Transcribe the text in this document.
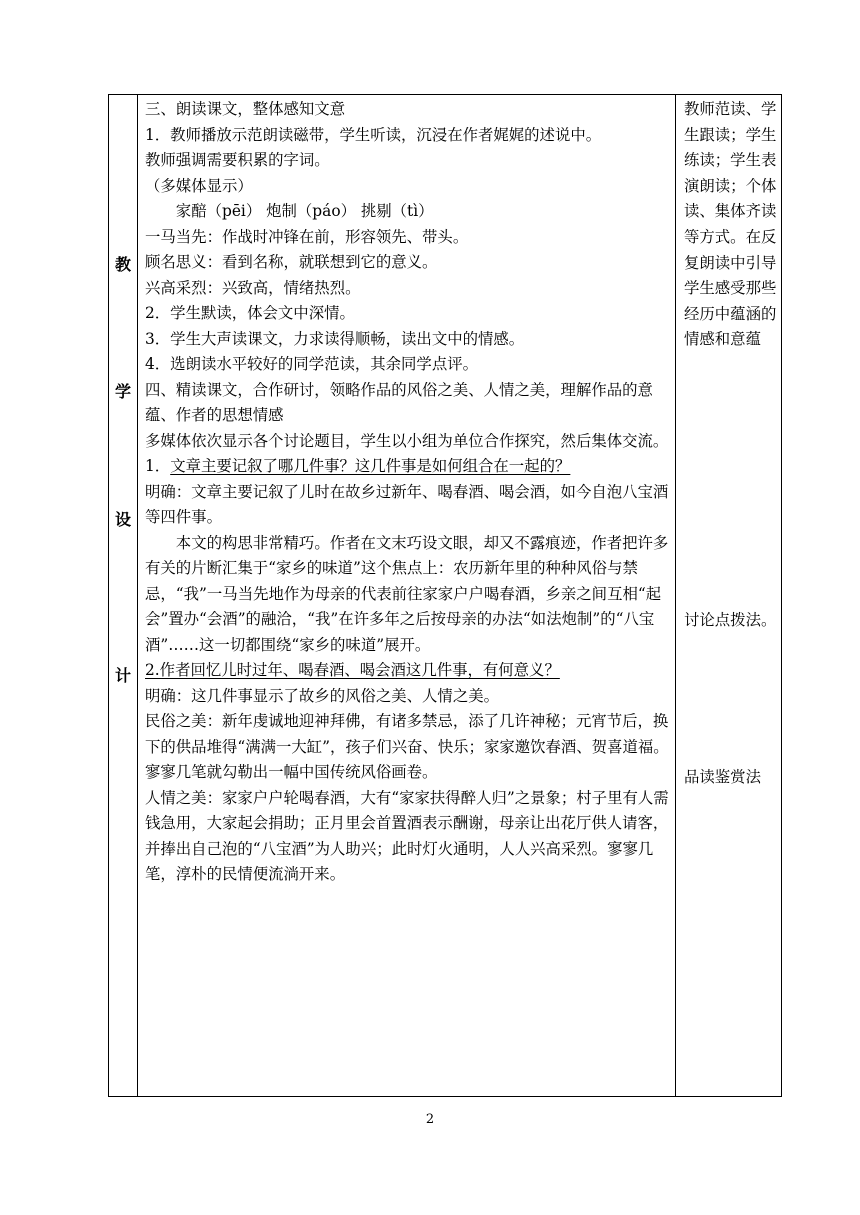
教
学
设
计

三、朗读课文，整体感知文意

1．教师播放示范朗读磁带，学生听读，沉浸在作者娓娓的述说中。

教师强调需要积累的字词。

（多媒体显示）

家醅（pēi） 炮制（páo） 挑剔（tì）

一马当先：作战时冲锋在前，形容领先、带头。

顾名思义：看到名称，就联想到它的意义。

兴高采烈：兴致高，情绪热烈。

2．学生默读，体会文中深情。

3．学生大声读课文，力求读得顺畅，读出文中的情感。

4．选朗读水平较好的同学范读，其余同学点评。

四、精读课文，合作研讨，领略作品的风俗之美、人情之美，理解作品的意蕴、作者的思想情感

多媒体依次显示各个讨论题目，学生以小组为单位合作探究，然后集体交流。

1．文章主要记叙了哪几件事？这几件事是如何组合在一起的？

明确：文章主要记叙了儿时在故乡过新年、喝春酒、喝会酒，如今自泡八宝酒等四件事。

本文的构思非常精巧。作者在文末巧设文眼，却又不露痕迹，作者把许多有关的片断汇集于“家乡的味道”这个焦点上：农历新年里的种种风俗与禁忌，“我”一马当先地作为母亲的代表前往家家户户喝春酒，乡亲之间互相“起会”置办“会酒”的融洽，“我”在许多年之后按母亲的办法“如法炮制”的“八宝酒”……这一切都围绕“家乡的味道”展开。

2.作者回忆儿时过年、喝春酒、喝会酒这几件事，有何意义？

明确：这几件事显示了故乡的风俗之美、人情之美。

民俗之美：新年虔诚地迎神拜佛，有诸多禁忌，添了几许神秘；元宵节后，换下的供品堆得“满满一大缸”，孩子们兴奋、快乐；家家邀饮春酒、贺喜道福。寥寥几笔就勾勒出一幅中国传统风俗画卷。

人情之美：家家户户轮喝春酒，大有“家家扶得醉人归”之景象；村子里有人需钱急用，大家起会捐助；正月里会首置酒表示酬谢，母亲让出花厅供人请客，并捧出自己泡的“八宝酒”为人助兴；此时灯火通明，人人兴高采烈。寥寥几笔，淳朴的民情便流淌开来。

教师范读、学生跟读；学生练读；学生表演朗读；个体读、集体齐读等方式。在反复朗读中引导学生感受那些经历中蕴涵的情感和意蕴

讨论点拨法。

品读鉴赏法

2
